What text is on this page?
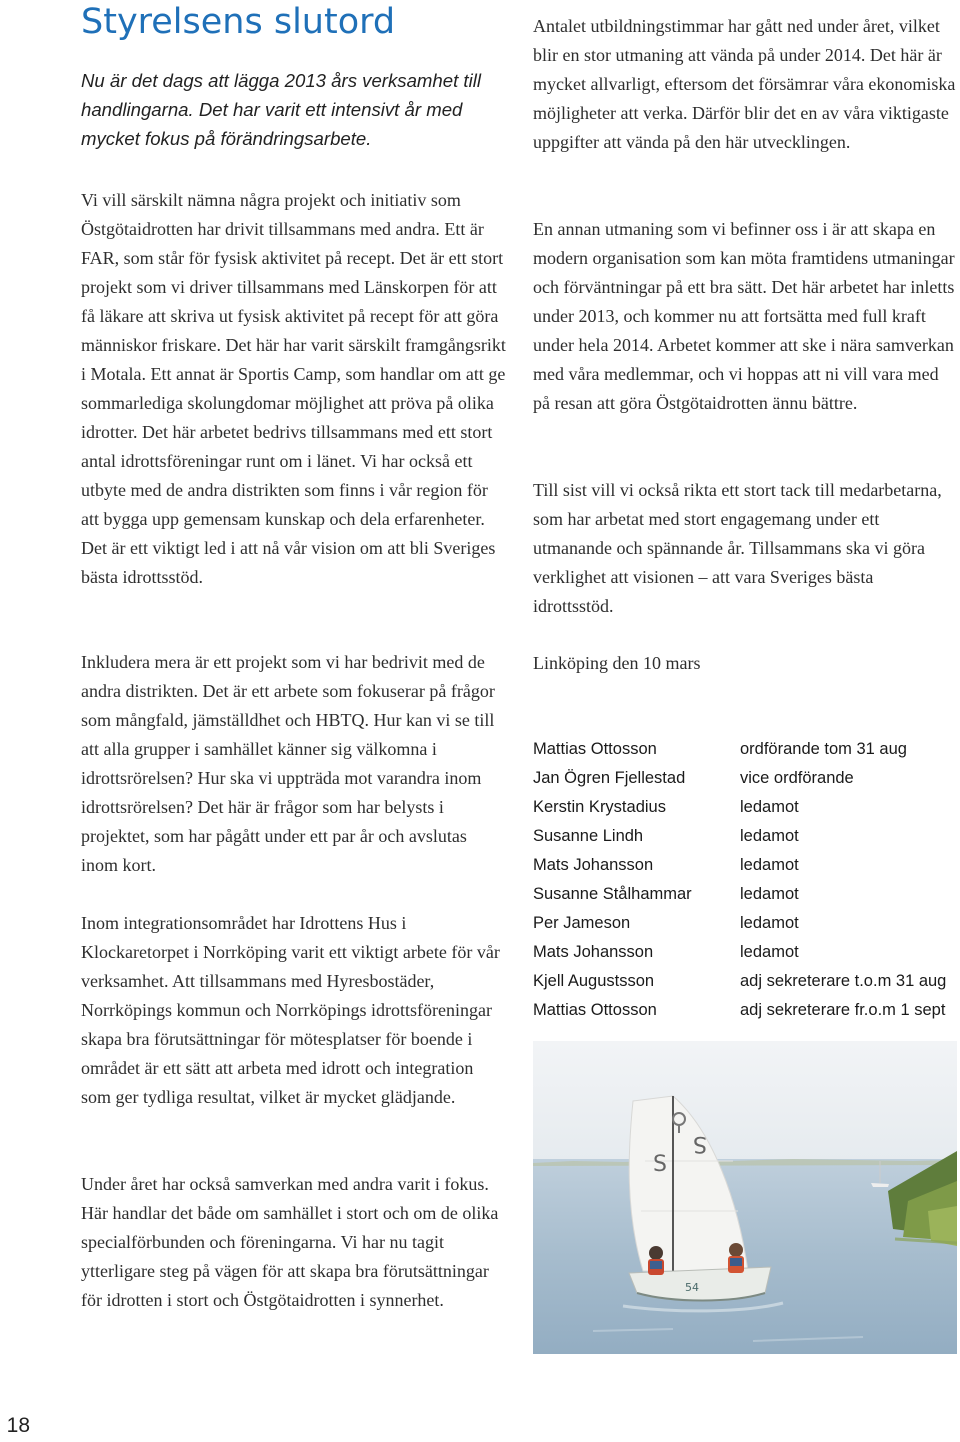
Styrelsens slutord

Nu är det dags att lägga 2013 års verksamhet till handlingarna. Det har varit ett intensivt år med mycket fokus på förändringsarbete.

Vi vill särskilt nämna några projekt och initiativ som Östgötaidrotten har drivit tillsammans med andra. Ett är FAR, som står för fysisk aktivitet på recept. Det är ett stort projekt som vi driver tillsammans med Länskorpen för att få läkare att skriva ut fysisk aktivitet på recept för att göra människor friskare. Det här har varit särskilt framgångsrikt i Motala. Ett annat är Sportis Camp, som handlar om att ge sommarlediga skolungdomar möjlighet att pröva på olika idrotter. Det här arbetet bedrivs tillsammans med ett stort antal idrottsföreningar runt om i länet. Vi har också ett utbyte med de andra distrikten som finns i vår region för att bygga upp gemensam kunskap och dela erfarenheter. Det är ett viktigt led i att nå vår vision om att bli Sveriges bästa idrottsstöd.

Inkludera mera är ett projekt som vi har bedrivit med de andra distrikten. Det är ett arbete som fokuserar på frågor som mångfald, jämställdhet och HBTQ. Hur kan vi se till att alla grupper i samhället känner sig välkomna i idrottsrörelsen? Hur ska vi uppträda mot varandra inom idrottsrörelsen? Det här är frågor som har belysts i projektet, som har pågått under ett par år och avslutas inom kort.

Inom integrationsområdet har Idrottens Hus i Klockaretorpet i Norrköping varit ett viktigt arbete för vår verksamhet. Att tillsammans med Hyresbostäder, Norrköpings kommun och Norrköpings idrottsföreningar skapa bra förutsättningar för mötesplatser för boende i området är ett sätt att arbeta med idrott och integration som ger tydliga resultat, vilket är mycket glädjande.

Under året har också samverkan med andra varit i fokus. Här handlar det både om samhället i stort och om de olika specialförbunden och föreningarna. Vi har nu tagit ytterligare steg på vägen för att skapa bra förutsättningar för idrotten i stort och Östgötaidrotten i synnerhet.

Antalet utbildningstimmar har gått ned under året, vilket blir en stor utmaning att vända på under 2014. Det här är mycket allvarligt, eftersom det försämrar våra ekonomiska möjligheter att verka. Därför blir det en av våra viktigaste uppgifter att vända på den här utvecklingen.

En annan utmaning som vi befinner oss i är att skapa en modern organisation som kan möta framtidens utmaningar och förväntningar på ett bra sätt. Det här arbetet har inletts under 2013, och kommer nu att fortsätta med full kraft under hela 2014. Arbetet kommer att ske i nära samverkan med våra medlemmar, och vi hoppas att ni vill vara med på resan att göra Östgötaidrotten ännu bättre.

Till sist vill vi också rikta ett stort tack till medarbetarna, som har arbetat med stort engagemang under ett utmanande och spännande år. Tillsammans ska vi göra verklighet att visionen – att vara Sveriges bästa idrottsstöd.

Linköping den 10 mars

Mattias Ottosson	ordförande tom 31 aug
Jan Ögren Fjellestad	vice ordförande
Kerstin Krystadius	ledamot
Susanne Lindh	ledamot
Mats Johansson	ledamot
Susanne Stålhammar	ledamot
Per Jameson	ledamot
Mats Johansson	ledamot
Kjell Augustsson	adj sekreterare t.o.m 31 aug
Mattias Ottosson	adj sekreterare fr.o.m 1 sept
S
S
54
18
